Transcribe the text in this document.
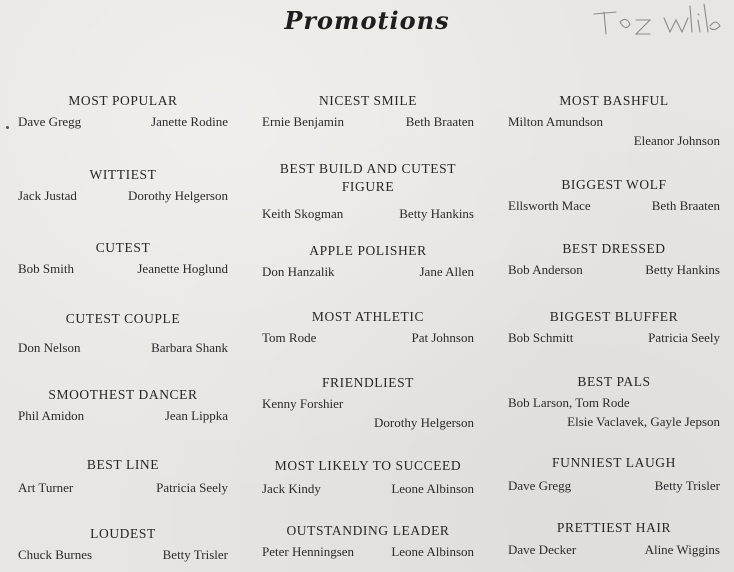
Promotions
MOST POPULAR
Dave Gregg	Janette Rodine
WITTIEST
Jack Justad	Dorothy Helgerson
CUTEST
Bob Smith	Jeanette Hoglund
CUTEST COUPLE
Don Nelson	Barbara Shank
SMOOTHEST DANCER
Phil Amidon	Jean Lippka
BEST LINE
Art Turner	Patricia Seely
LOUDEST
Chuck Burnes	Betty Trisler
NICEST SMILE
Ernie Benjamin	Beth Braaten
BEST BUILD AND CUTEST FIGURE
Keith Skogman	Betty Hankins
APPLE POLISHER
Don Hanzalik	Jane Allen
MOST ATHLETIC
Tom Rode	Pat Johnson
FRIENDLIEST
Kenny Forshier
Dorothy Helgerson
MOST LIKELY TO SUCCEED
Jack Kindy	Leone Albinson
OUTSTANDING LEADER
Peter Henningsen	Leone Albinson
MOST BASHFUL
Milton Amundson
Eleanor Johnson
BIGGEST WOLF
Ellsworth Mace	Beth Braaten
BEST DRESSED
Bob Anderson	Betty Hankins
BIGGEST BLUFFER
Bob Schmitt	Patricia Seely
BEST PALS
Bob Larson, Tom Rode
Elsie Vaclavek, Gayle Jepson
FUNNIEST LAUGH
Dave Gregg	Betty Trisler
PRETTIEST HAIR
Dave Decker	Aline Wiggins
